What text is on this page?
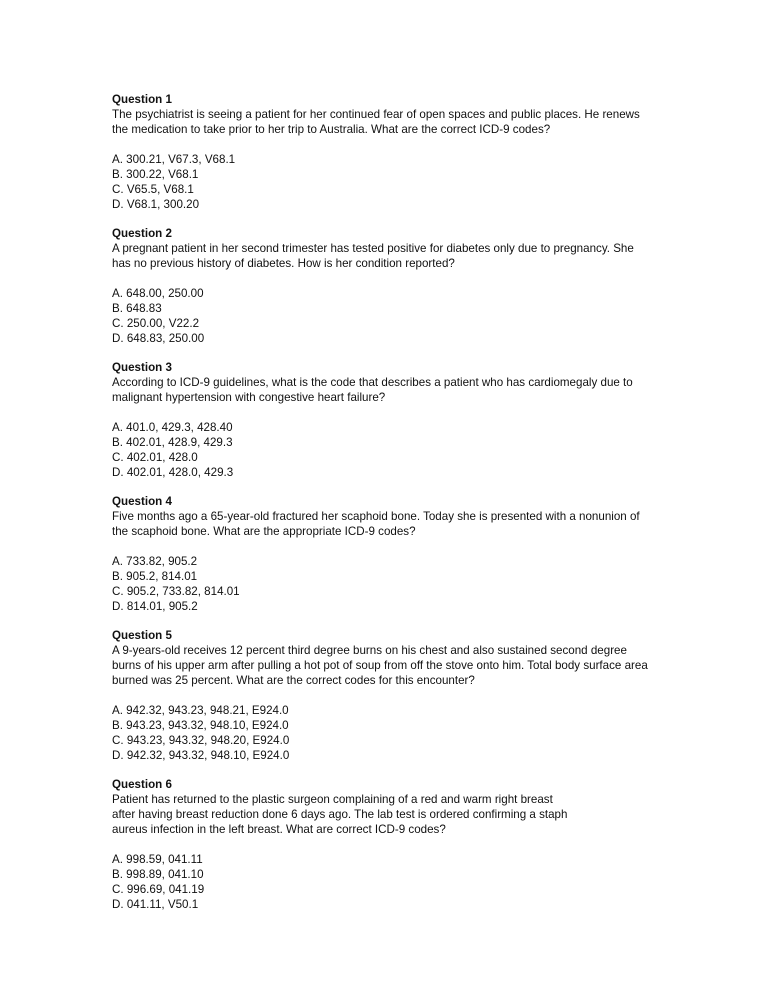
Question 1

The psychiatrist is seeing a patient for her continued fear of open spaces and public places. He renews
the medication to take prior to her trip to Australia. What are the correct ICD-9 codes?

A. 300.21, V67.3, V68.1
B. 300.22, V68.1
C. V65.5, V68.1
D. V68.1, 300.20

Question 2

A pregnant patient in her second trimester has tested positive for diabetes only due to pregnancy. She
has no previous history of diabetes. How is her condition reported?

A. 648.00, 250.00
B. 648.83
C. 250.00, V22.2
D. 648.83, 250.00

Question 3

According to ICD-9 guidelines, what is the code that describes a patient who has cardiomegaly due to
malignant hypertension with congestive heart failure?

A. 401.0, 429.3, 428.40
B. 402.01, 428.9, 429.3
C. 402.01, 428.0
D. 402.01, 428.0, 429.3

Question 4

Five months ago a 65-year-old fractured her scaphoid bone. Today she is presented with a nonunion of
the scaphoid bone. What are the appropriate ICD-9 codes?

A. 733.82, 905.2
B. 905.2, 814.01
C. 905.2, 733.82, 814.01
D. 814.01, 905.2

Question 5

A 9-years-old receives 12 percent third degree burns on his chest and also sustained second degree
burns of his upper arm after pulling a hot pot of soup from off the stove onto him. Total body surface area
burned was 25 percent. What are the correct codes for this encounter?

A. 942.32, 943.23, 948.21, E924.0
B. 943.23, 943.32, 948.10, E924.0
C. 943.23, 943.32, 948.20, E924.0
D. 942.32, 943.32, 948.10, E924.0

Question 6

Patient has returned to the plastic surgeon complaining of a red and warm right breast
after having breast reduction done 6 days ago. The lab test is ordered confirming a staph
aureus infection in the left breast. What are correct ICD-9 codes?

A. 998.59, 041.11
B. 998.89, 041.10
C. 996.69, 041.19
D. 041.11, V50.1
